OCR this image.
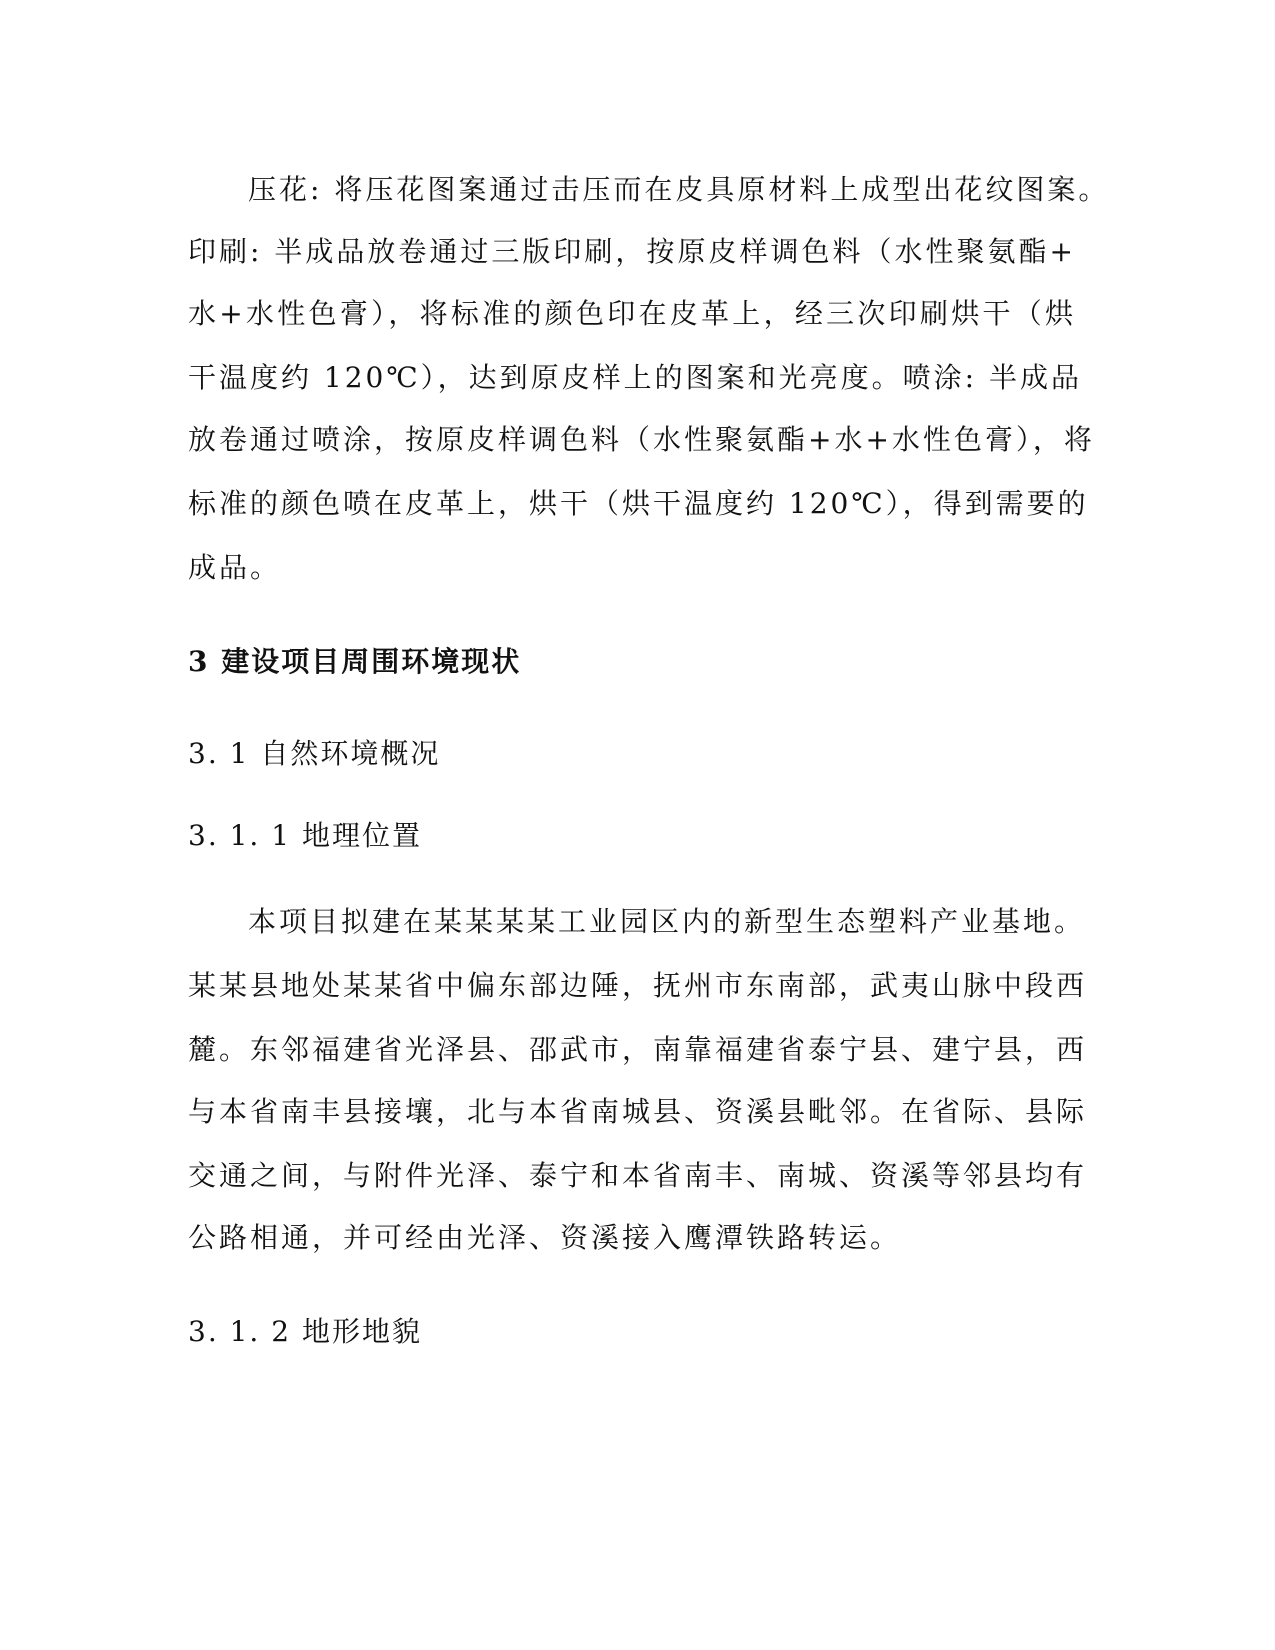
压花: 将压花图案通过击压而在皮具原材料上成型出花纹图案。
印刷: 半成品放卷通过三版印刷，按原皮样调色料（水性聚氨酯+
水+水性色膏），将标准的颜色印在皮革上，经三次印刷烘干（烘
干温度约 120℃），达到原皮样上的图案和光亮度。喷涂: 半成品
放卷通过喷涂，按原皮样调色料（水性聚氨酯+水+水性色膏），将
标准的颜色喷在皮革上，烘干（烘干温度约 120℃），得到需要的
成品。
3 建设项目周围环境现状
3. 1 自然环境概况
3. 1. 1 地理位置
本项目拟建在某某某某工业园区内的新型生态塑料产业基地。
某某县地处某某省中偏东部边陲，抚州市东南部，武夷山脉中段西
麓。东邻福建省光泽县、邵武市，南靠福建省泰宁县、建宁县，西
与本省南丰县接壤，北与本省南城县、资溪县毗邻。在省际、县际
交通之间，与附件光泽、泰宁和本省南丰、南城、资溪等邻县均有
公路相通，并可经由光泽、资溪接入鹰潭铁路转运。
3. 1. 2 地形地貌
